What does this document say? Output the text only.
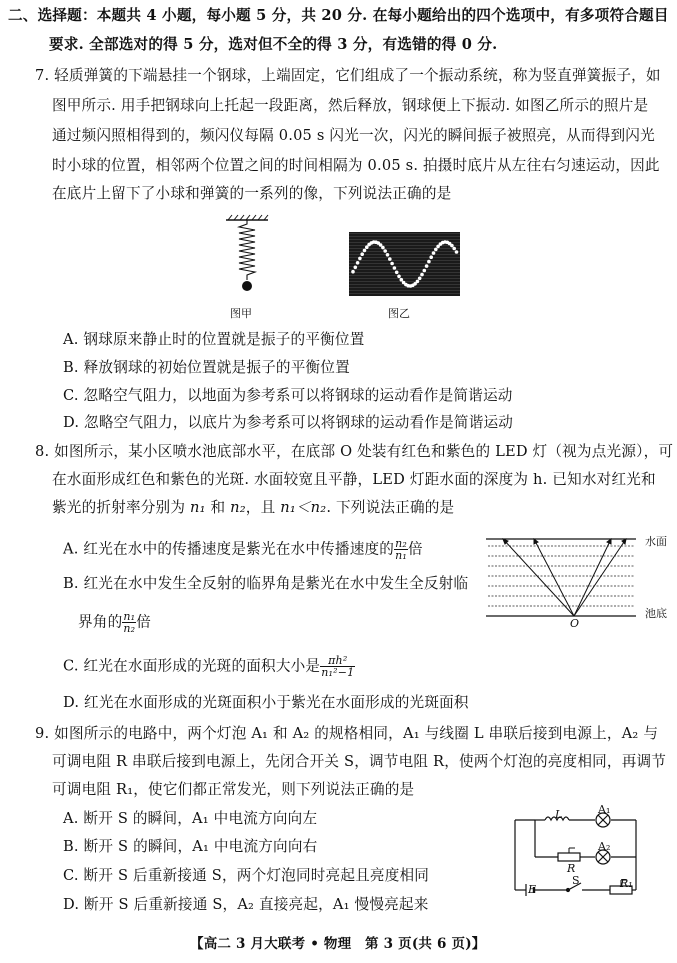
二、选择题：本题共 4 小题，每小题 5 分，共 20 分. 在每小题给出的四个选项中，有多项符合题目
要求. 全部选对的得 5 分，选对但不全的得 3 分，有选错的得 0 分.
7. 轻质弹簧的下端悬挂一个钢球，上端固定，它们组成了一个振动系统，称为竖直弹簧振子，如
图甲所示. 用手把钢球向上托起一段距离，然后释放，钢球便上下振动. 如图乙所示的照片是
通过频闪照相得到的，频闪仪每隔 0.05 s 闪光一次，闪光的瞬间振子被照亮，从而得到闪光
时小球的位置，相邻两个位置之间的时间相隔为 0.05 s. 拍摄时底片从左往右匀速运动，因此
在底片上留下了小球和弹簧的一系列的像，下列说法正确的是
图甲	图乙
A. 钢球原来静止时的位置就是振子的平衡位置
B. 释放钢球的初始位置就是振子的平衡位置
C. 忽略空气阻力，以地面为参考系可以将钢球的运动看作是简谐运动
D. 忽略空气阻力，以底片为参考系可以将钢球的运动看作是简谐运动
8. 如图所示，某小区喷水池底部水平，在底部 O 处装有红色和紫色的 LED 灯（视为点光源），可
在水面形成红色和紫色的光斑. 水面较宽且平静，LED 灯距水面的深度为 h. 已知水对红光和
紫光的折射率分别为 n₁ 和 n₂，且 n₁＜n₂. 下列说法正确的是
A. 红光在水中的传播速度是紫光在水中传播速度的 $\frac{\text{n₂}}{\text{n₁}}$ 倍
B. 红光在水中发生全反射的临界角是紫光在水中发生全反射临
界角的 $\frac{\text{n₁}}{\text{n₂}}$ 倍
C. 红光在水面形成的光斑的面积大小是 $\frac{\text{πh²}}{\text{n₁²−1}}$
D. 红光在水面形成的光斑面积小于紫光在水面形成的光斑面积
水面
池底
O
9. 如图所示的电路中，两个灯泡 A₁ 和 A₂ 的规格相同，A₁ 与线圈 L 串联后接到电源上，A₂ 与
可调电阻 R 串联后接到电源上，先闭合开关 S，调节电阻 R，使两个灯泡的亮度相同，再调节
可调电阻 R₁，使它们都正常发光，则下列说法正确的是
A. 断开 S 的瞬间，A₁ 中电流方向向左
B. 断开 S 的瞬间，A₁ 中电流方向向右
C. 断开 S 后重新接通 S，两个灯泡同时亮起且亮度相同
D. 断开 S 后重新接通 S，A₂ 直接亮起，A₁ 慢慢亮起来
L	A₁
A₂
R
E
S	R₁
【高二 3 月大联考 • 物理　第 3 页(共 6 页)】
